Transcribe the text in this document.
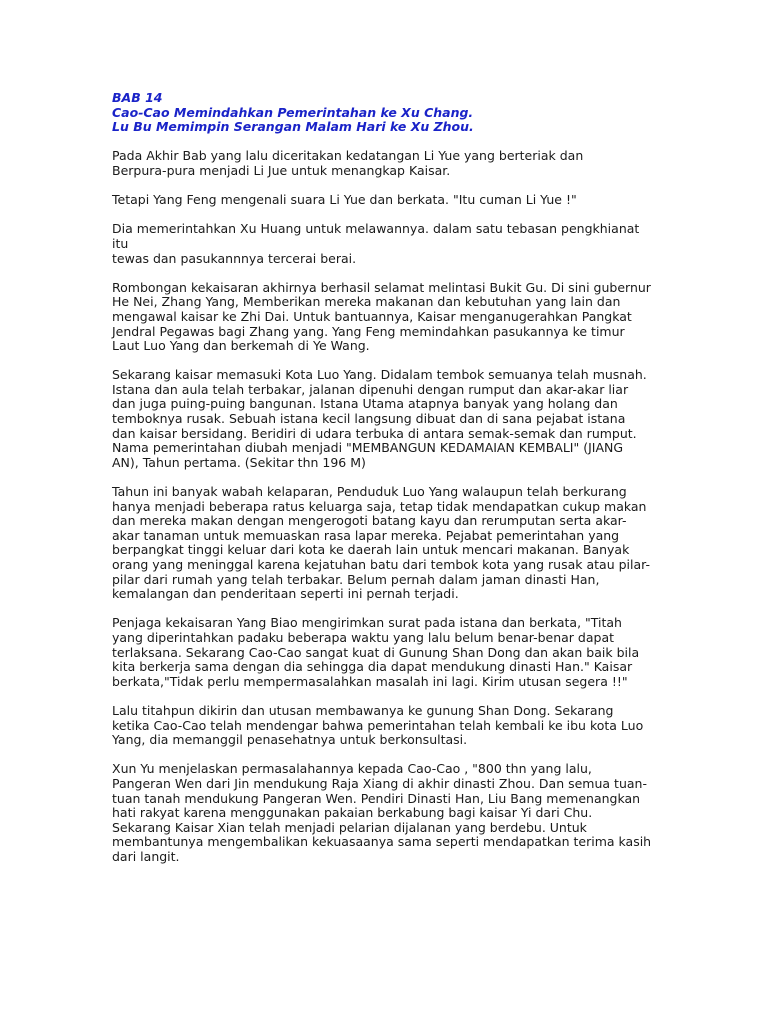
BAB 14
Cao-Cao Memindahkan Pemerintahan ke Xu Chang.
Lu Bu Memimpin Serangan Malam Hari ke Xu Zhou.
Pada Akhir Bab yang lalu diceritakan kedatangan Li Yue yang berteriak dan
Berpura-pura menjadi Li Jue untuk menangkap Kaisar.
Tetapi Yang Feng mengenali suara Li Yue dan berkata. "Itu cuman Li Yue !"
Dia memerintahkan Xu Huang untuk melawannya. dalam satu tebasan pengkhianat
itu
tewas dan pasukannnya tercerai berai.
Rombongan kekaisaran akhirnya berhasil selamat melintasi Bukit Gu. Di sini gubernur
He Nei, Zhang Yang, Memberikan mereka makanan dan kebutuhan yang lain dan
mengawal kaisar ke Zhi Dai. Untuk bantuannya, Kaisar menganugerahkan Pangkat
Jendral Pegawas bagi Zhang yang. Yang Feng memindahkan pasukannya ke timur
Laut Luo Yang dan berkemah di Ye Wang.
Sekarang kaisar memasuki Kota Luo Yang. Didalam tembok semuanya telah musnah.
Istana dan aula telah terbakar, jalanan dipenuhi dengan rumput dan akar-akar liar
dan juga puing-puing bangunan. Istana Utama atapnya banyak yang holang dan
temboknya rusak. Sebuah istana kecil langsung dibuat dan di sana pejabat istana
dan kaisar bersidang. Beridiri di udara terbuka di antara semak-semak dan rumput.
Nama pemerintahan diubah menjadi "MEMBANGUN KEDAMAIAN KEMBALI" (JIANG
AN), Tahun pertama. (Sekitar thn 196 M)
Tahun ini banyak wabah kelaparan, Penduduk Luo Yang walaupun telah berkurang
hanya menjadi beberapa ratus keluarga saja, tetap tidak mendapatkan cukup makan
dan mereka makan dengan mengerogoti batang kayu dan rerumputan serta akar-
akar tanaman untuk memuaskan rasa lapar mereka. Pejabat pemerintahan yang
berpangkat tinggi keluar dari kota ke daerah lain untuk mencari makanan. Banyak
orang yang meninggal karena kejatuhan batu dari tembok kota yang rusak atau pilar-
pilar dari rumah yang telah terbakar. Belum pernah dalam jaman dinasti Han,
kemalangan dan penderitaan seperti ini pernah terjadi.
Penjaga kekaisaran Yang Biao mengirimkan surat pada istana dan berkata, "Titah
yang diperintahkan padaku beberapa waktu yang lalu belum benar-benar dapat
terlaksana. Sekarang Cao-Cao sangat kuat di Gunung Shan Dong dan akan baik bila
kita berkerja sama dengan dia sehingga dia dapat mendukung dinasti Han." Kaisar
berkata,"Tidak perlu mempermasalahkan masalah ini lagi. Kirim utusan segera !!"
Lalu titahpun dikirin dan utusan membawanya ke gunung Shan Dong. Sekarang
ketika Cao-Cao telah mendengar bahwa pemerintahan telah kembali ke ibu kota Luo
Yang, dia memanggil penasehatnya untuk berkonsultasi.
Xun Yu menjelaskan permasalahannya kepada Cao-Cao , "800 thn yang lalu,
Pangeran Wen dari Jin mendukung Raja Xiang di akhir dinasti Zhou. Dan semua tuan-
tuan tanah mendukung Pangeran Wen. Pendiri Dinasti Han, Liu Bang memenangkan
hati rakyat karena menggunakan pakaian berkabung bagi kaisar Yi dari Chu.
Sekarang Kaisar Xian telah menjadi pelarian dijalanan yang berdebu. Untuk
membantunya mengembalikan kekuasaanya sama seperti mendapatkan terima kasih
dari langit.
